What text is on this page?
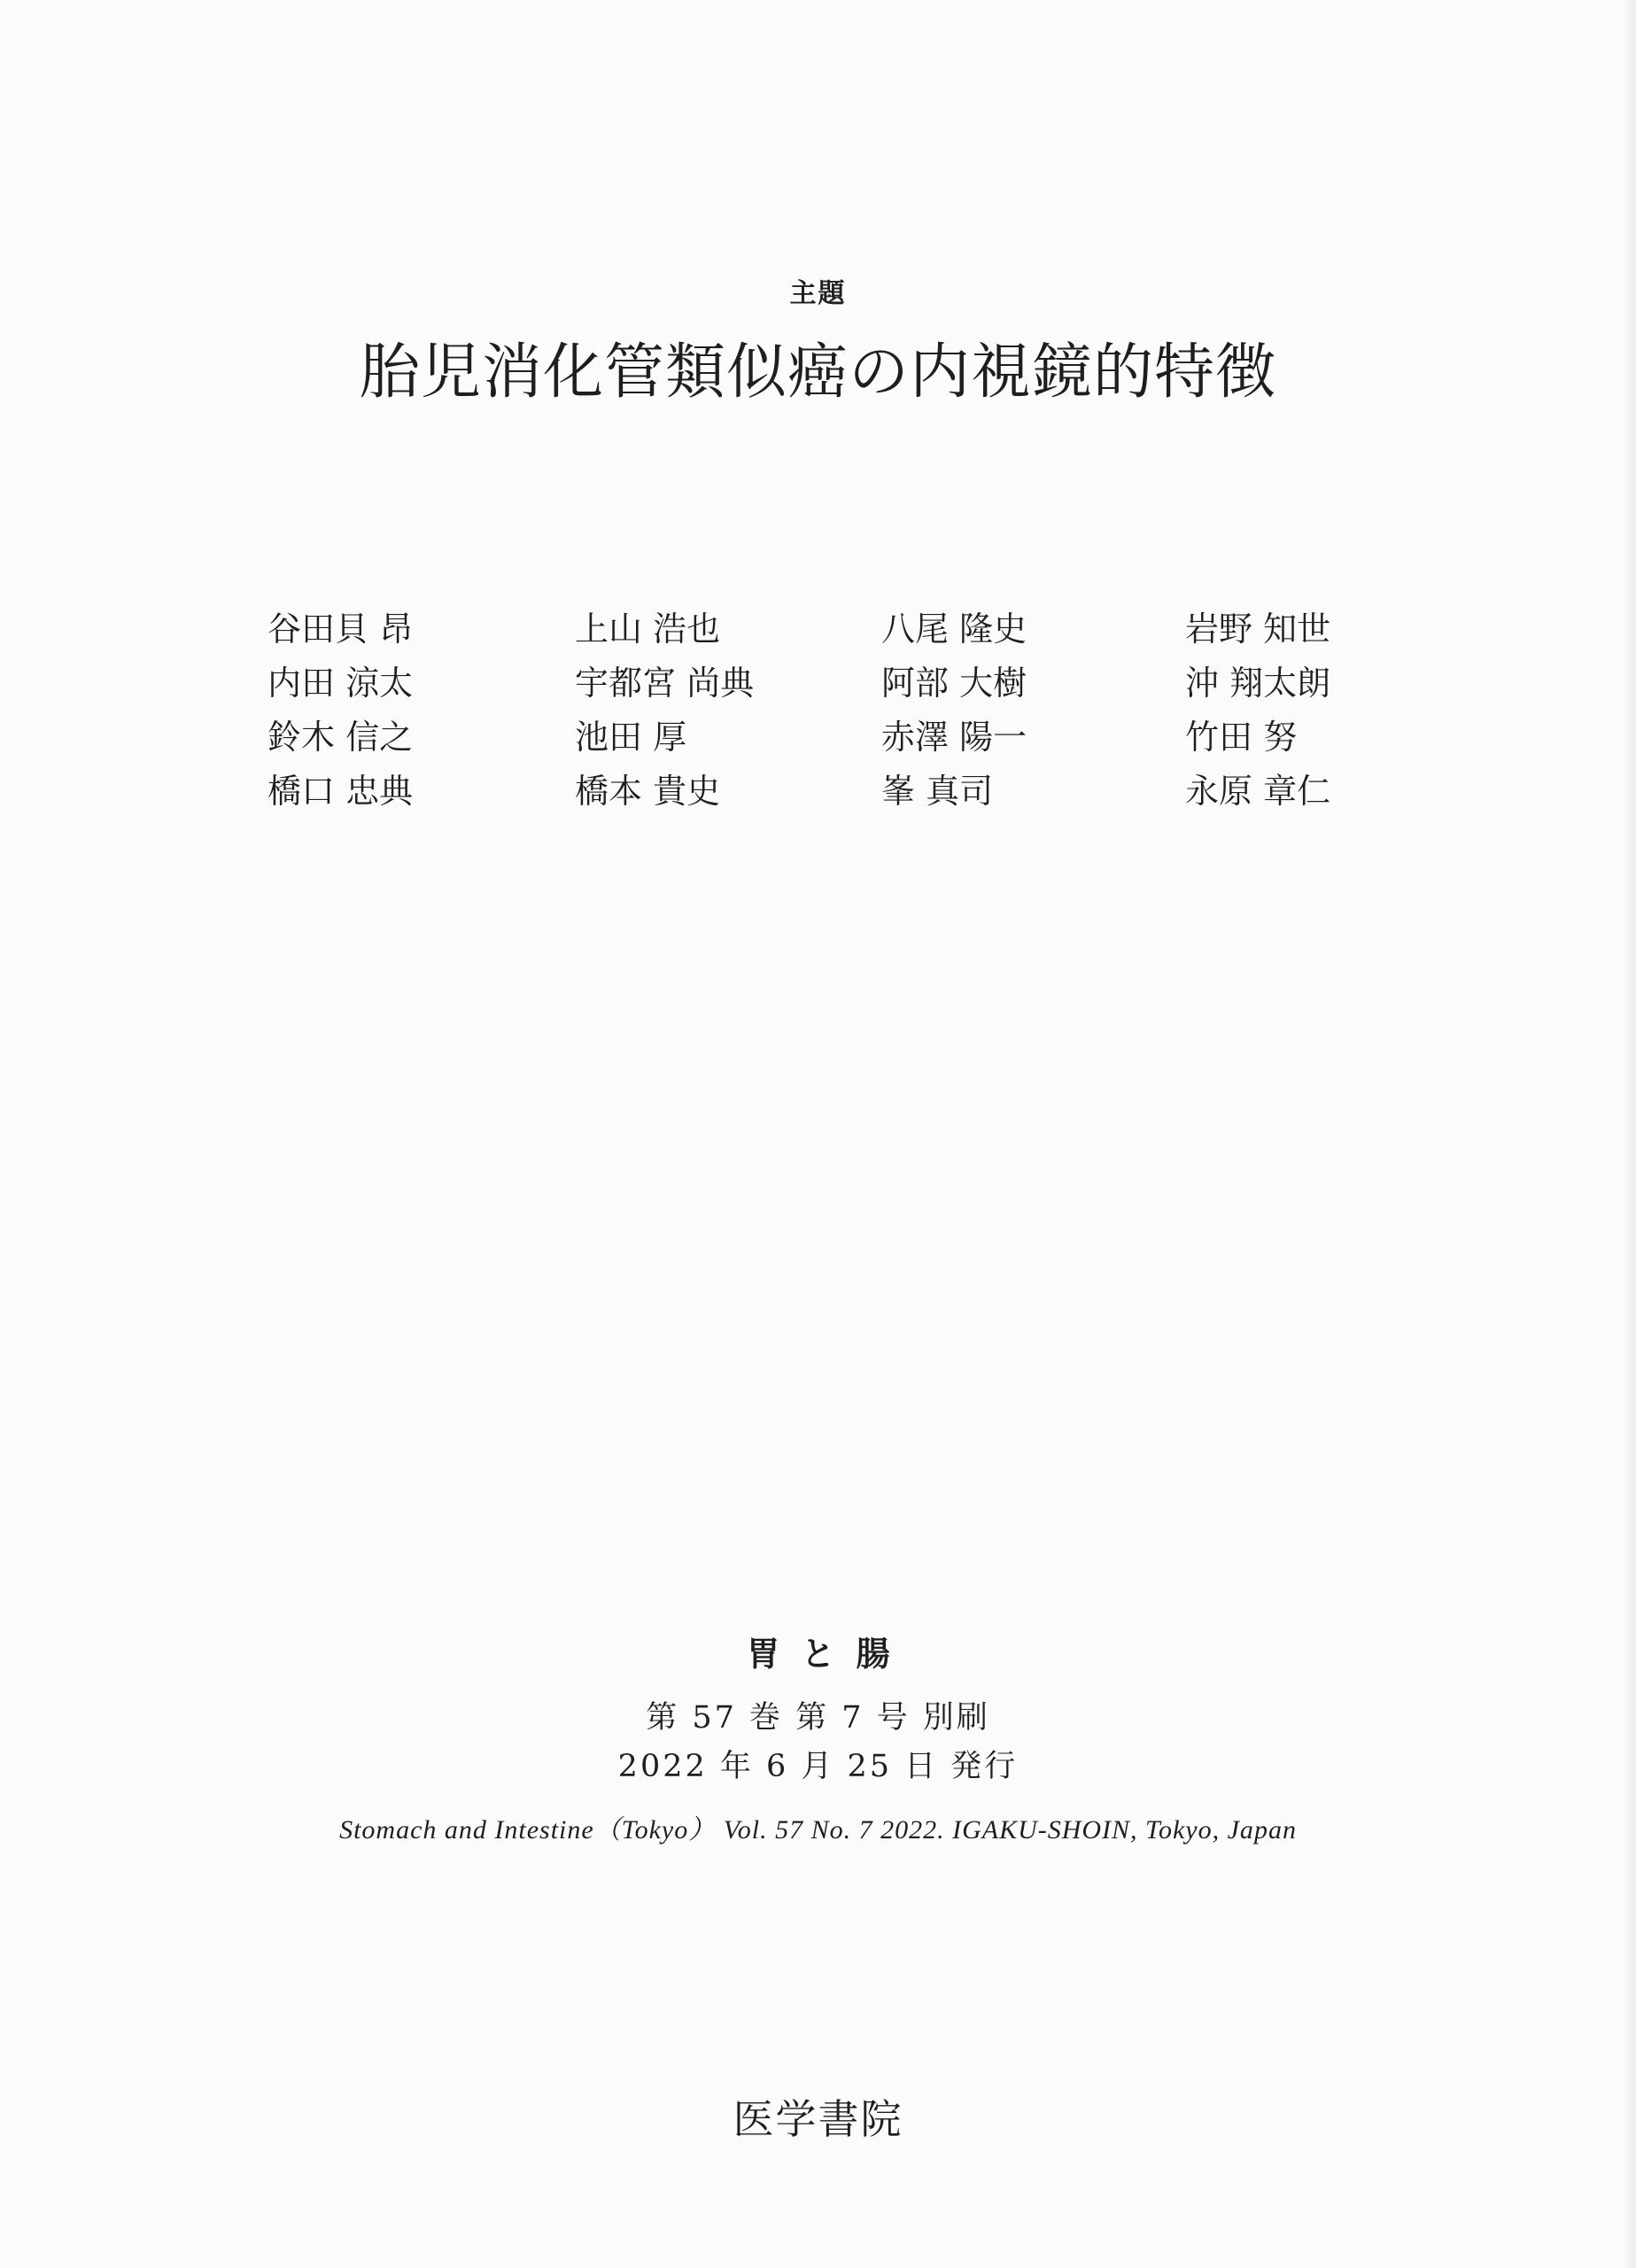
主題
胎児消化管類似癌の内視鏡的特徴
谷田貝 昂	上山 浩也	八尾 隆史	岩野 知世
内田 涼太	宇都宮 尚典	阿部 大樹	沖 翔太朗
鈴木 信之	池田 厚	赤澤 陽一	竹田 努
橋口 忠典	橋本 貴史	峯 真司	永原 章仁
胃と腸
第 57 巻 第 7 号 別刷
2022 年 6 月 25 日 発行
Stomach and Intestine（Tokyo） Vol. 57 No. 7 2022. IGAKU-SHOIN, Tokyo, Japan
医学書院
